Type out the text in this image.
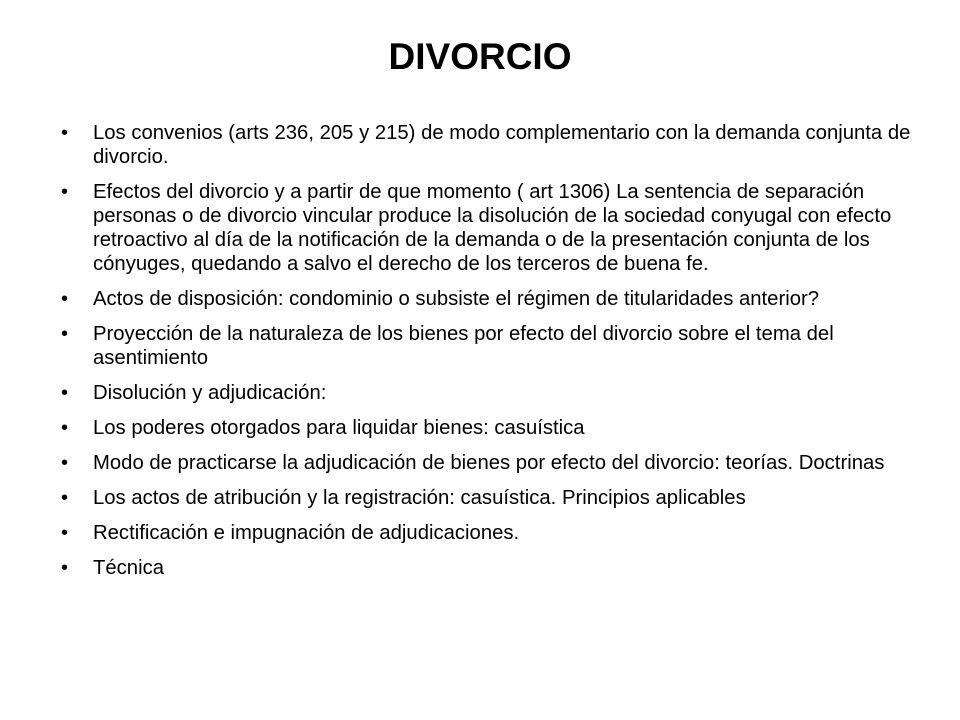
DIVORCIO
•	Los convenios (arts 236, 205 y 215) de modo complementario con la demanda conjunta de divorcio.
•	Efectos del divorcio y a partir de que momento ( art 1306) La sentencia de separación personas o de divorcio vincular produce la disolución de la sociedad conyugal con efecto retroactivo al día de la notificación de la demanda o de la presentación conjunta de los cónyuges, quedando a salvo el derecho de los terceros de buena fe.
•	Actos de disposición: condominio o subsiste el régimen de titularidades anterior?
•	Proyección de la naturaleza de los bienes por efecto del divorcio sobre el tema del asentimiento
•	Disolución y adjudicación:
•	Los poderes otorgados para liquidar bienes: casuística
•	Modo de practicarse la adjudicación de bienes por efecto del divorcio: teorías. Doctrinas
•	Los actos de atribución y la registración: casuística. Principios aplicables
•	Rectificación e impugnación de adjudicaciones.
•	Técnica
